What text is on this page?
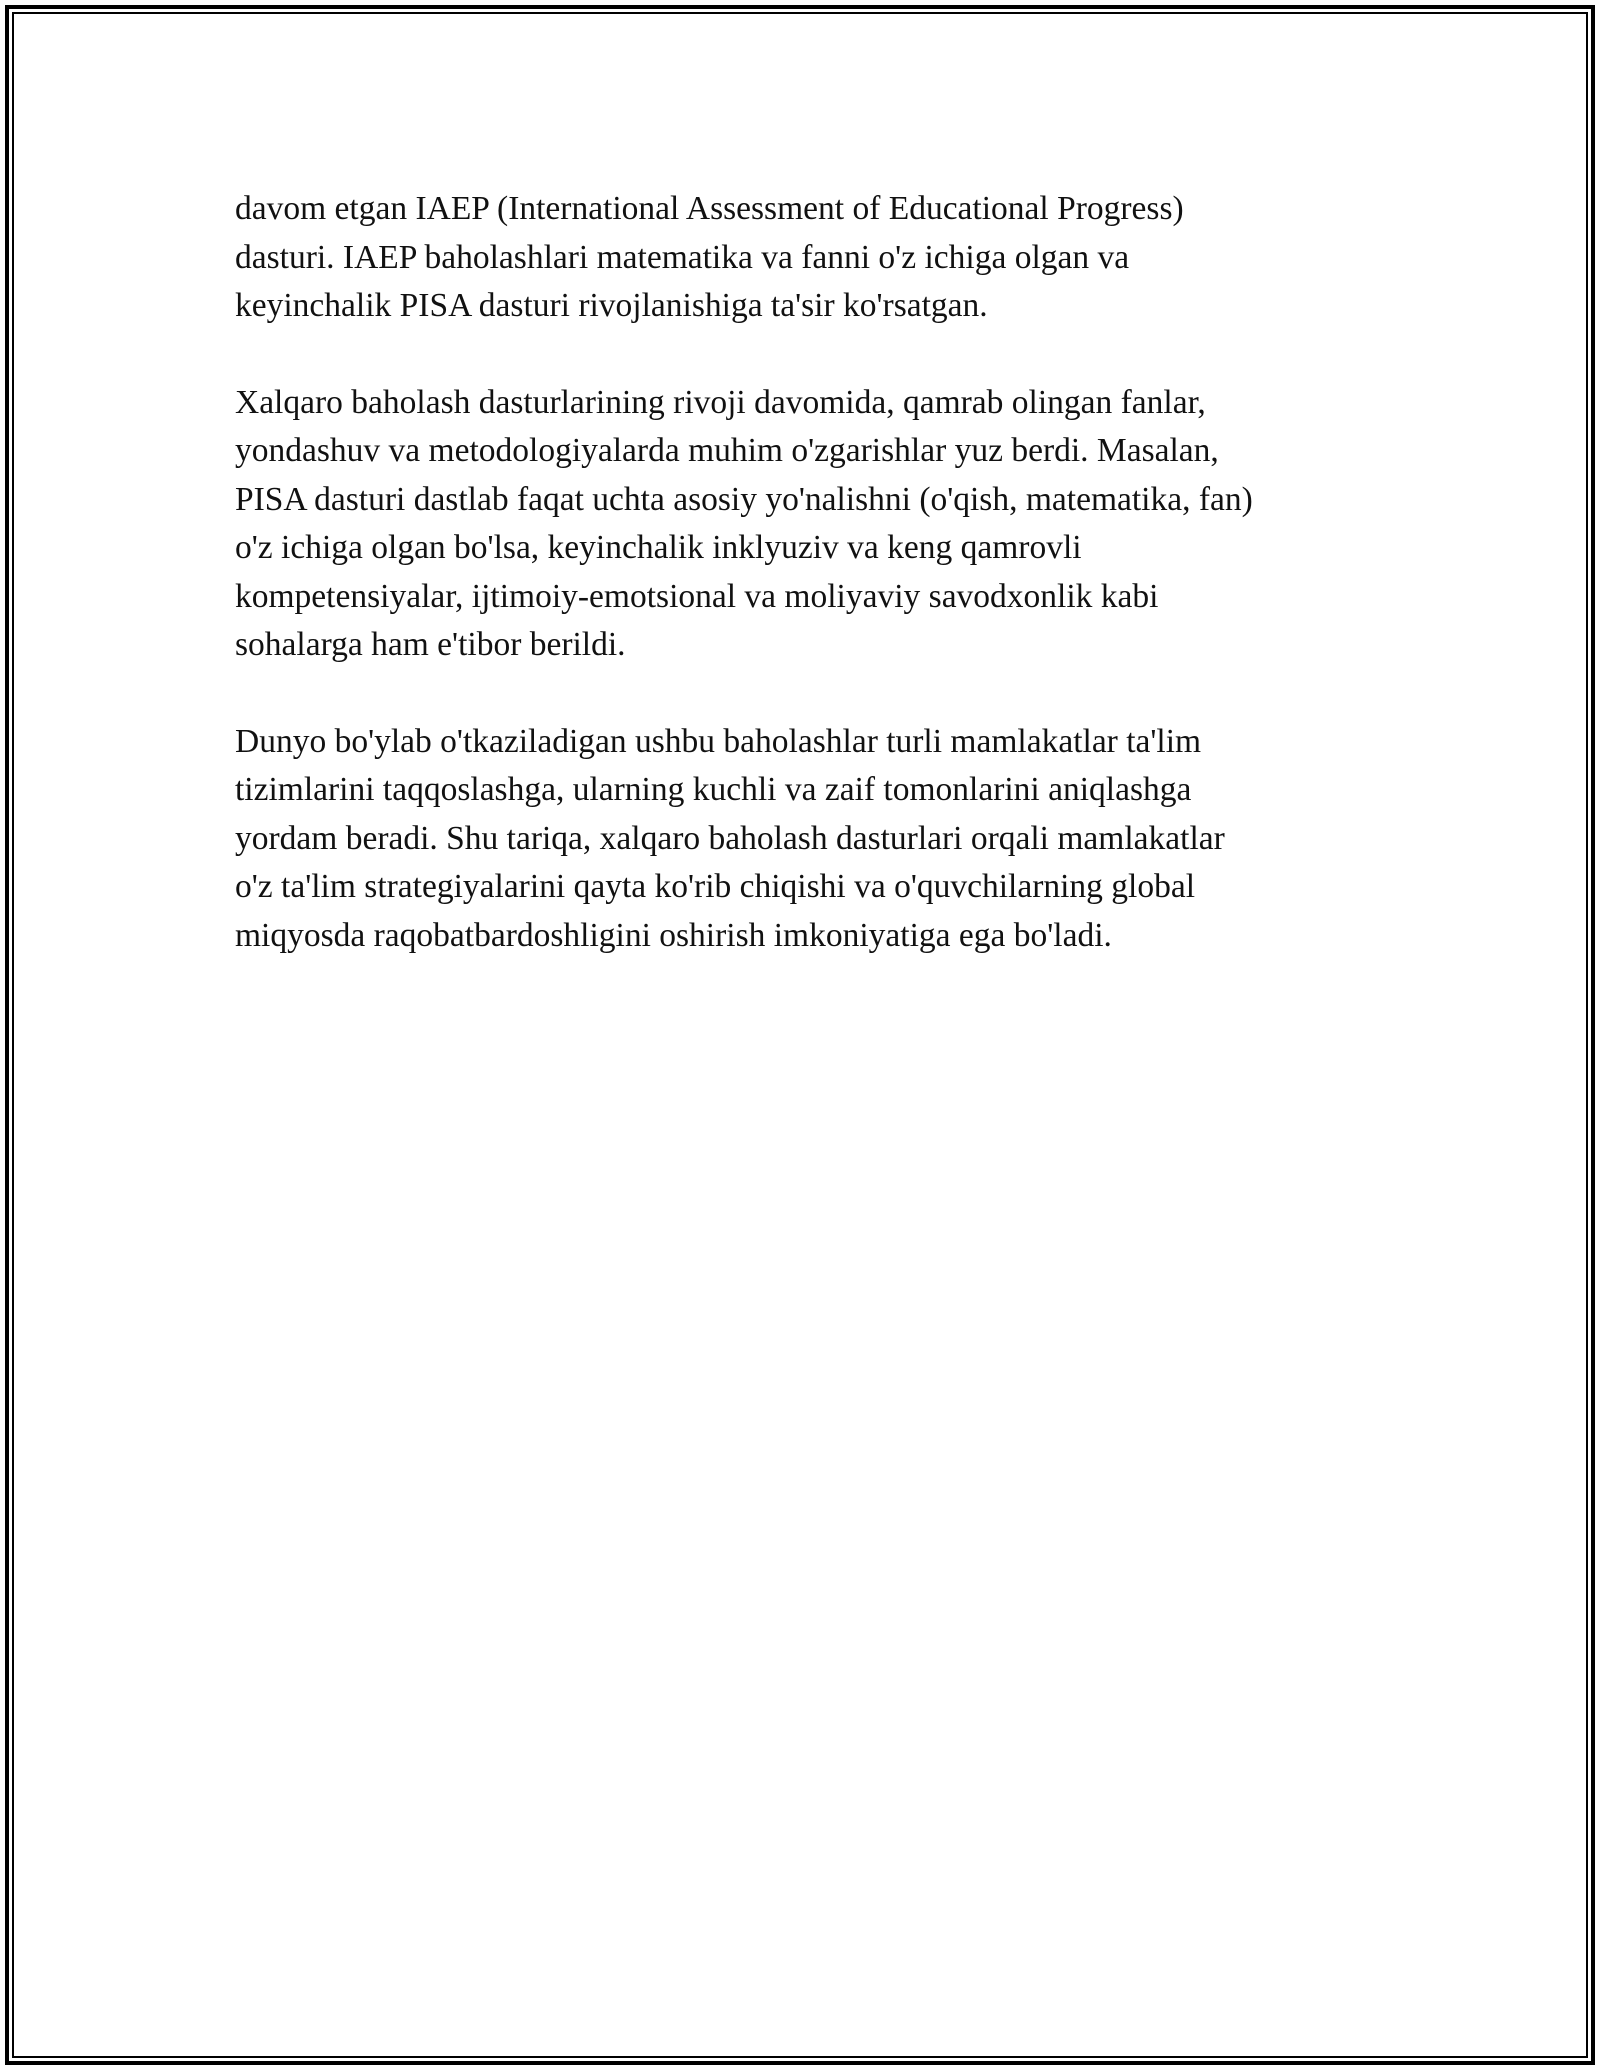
davom etgan IAEP (International Assessment of Educational Progress)
dasturi. IAEP baholashlari matematika va fanni o'z ichiga olgan va
keyinchalik PISA dasturi rivojlanishiga ta'sir ko'rsatgan.

Xalqaro baholash dasturlarining rivoji davomida, qamrab olingan fanlar,
yondashuv va metodologiyalarda muhim o'zgarishlar yuz berdi. Masalan,
PISA dasturi dastlab faqat uchta asosiy yo'nalishni (o'qish, matematika, fan)
o'z ichiga olgan bo'lsa, keyinchalik inklyuziv va keng qamrovli
kompetensiyalar, ijtimoiy-emotsional va moliyaviy savodxonlik kabi
sohalarga ham e'tibor berildi.

Dunyo bo'ylab o'tkaziladigan ushbu baholashlar turli mamlakatlar ta'lim
tizimlarini taqqoslashga, ularning kuchli va zaif tomonlarini aniqlashga
yordam beradi. Shu tariqa, xalqaro baholash dasturlari orqali mamlakatlar
o'z ta'lim strategiyalarini qayta ko'rib chiqishi va o'quvchilarning global
miqyosda raqobatbardoshligini oshirish imkoniyatiga ega bo'ladi.
